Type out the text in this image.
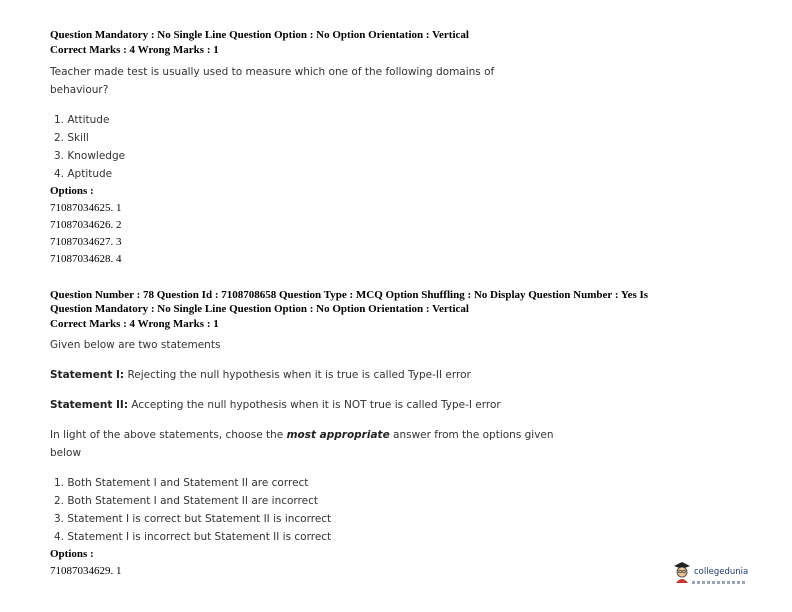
Question Mandatory : No Single Line Question Option : No Option Orientation : Vertical
Correct Marks : 4 Wrong Marks : 1
Teacher made test is usually used to measure which one of the following domains of
behaviour?
1. Attitude
2. Skill
3. Knowledge
4. Aptitude
Options :
71087034625. 1
71087034626. 2
71087034627. 3
71087034628. 4
Question Number : 78 Question Id : 7108708658 Question Type : MCQ Option Shuffling : No Display Question Number : Yes Is
Question Mandatory : No Single Line Question Option : No Option Orientation : Vertical
Correct Marks : 4 Wrong Marks : 1
Given below are two statements
Statement I: Rejecting the null hypothesis when it is true is called Type-II error
Statement II: Accepting the null hypothesis when it is NOT true is called Type-I error
In light of the above statements, choose the most appropriate answer from the options given
below
1. Both Statement I and Statement II are correct
2. Both Statement I and Statement II are incorrect
3. Statement I is correct but Statement II is incorrect
4. Statement I is incorrect but Statement II is correct
Options :
71087034629. 1	collegedunia
